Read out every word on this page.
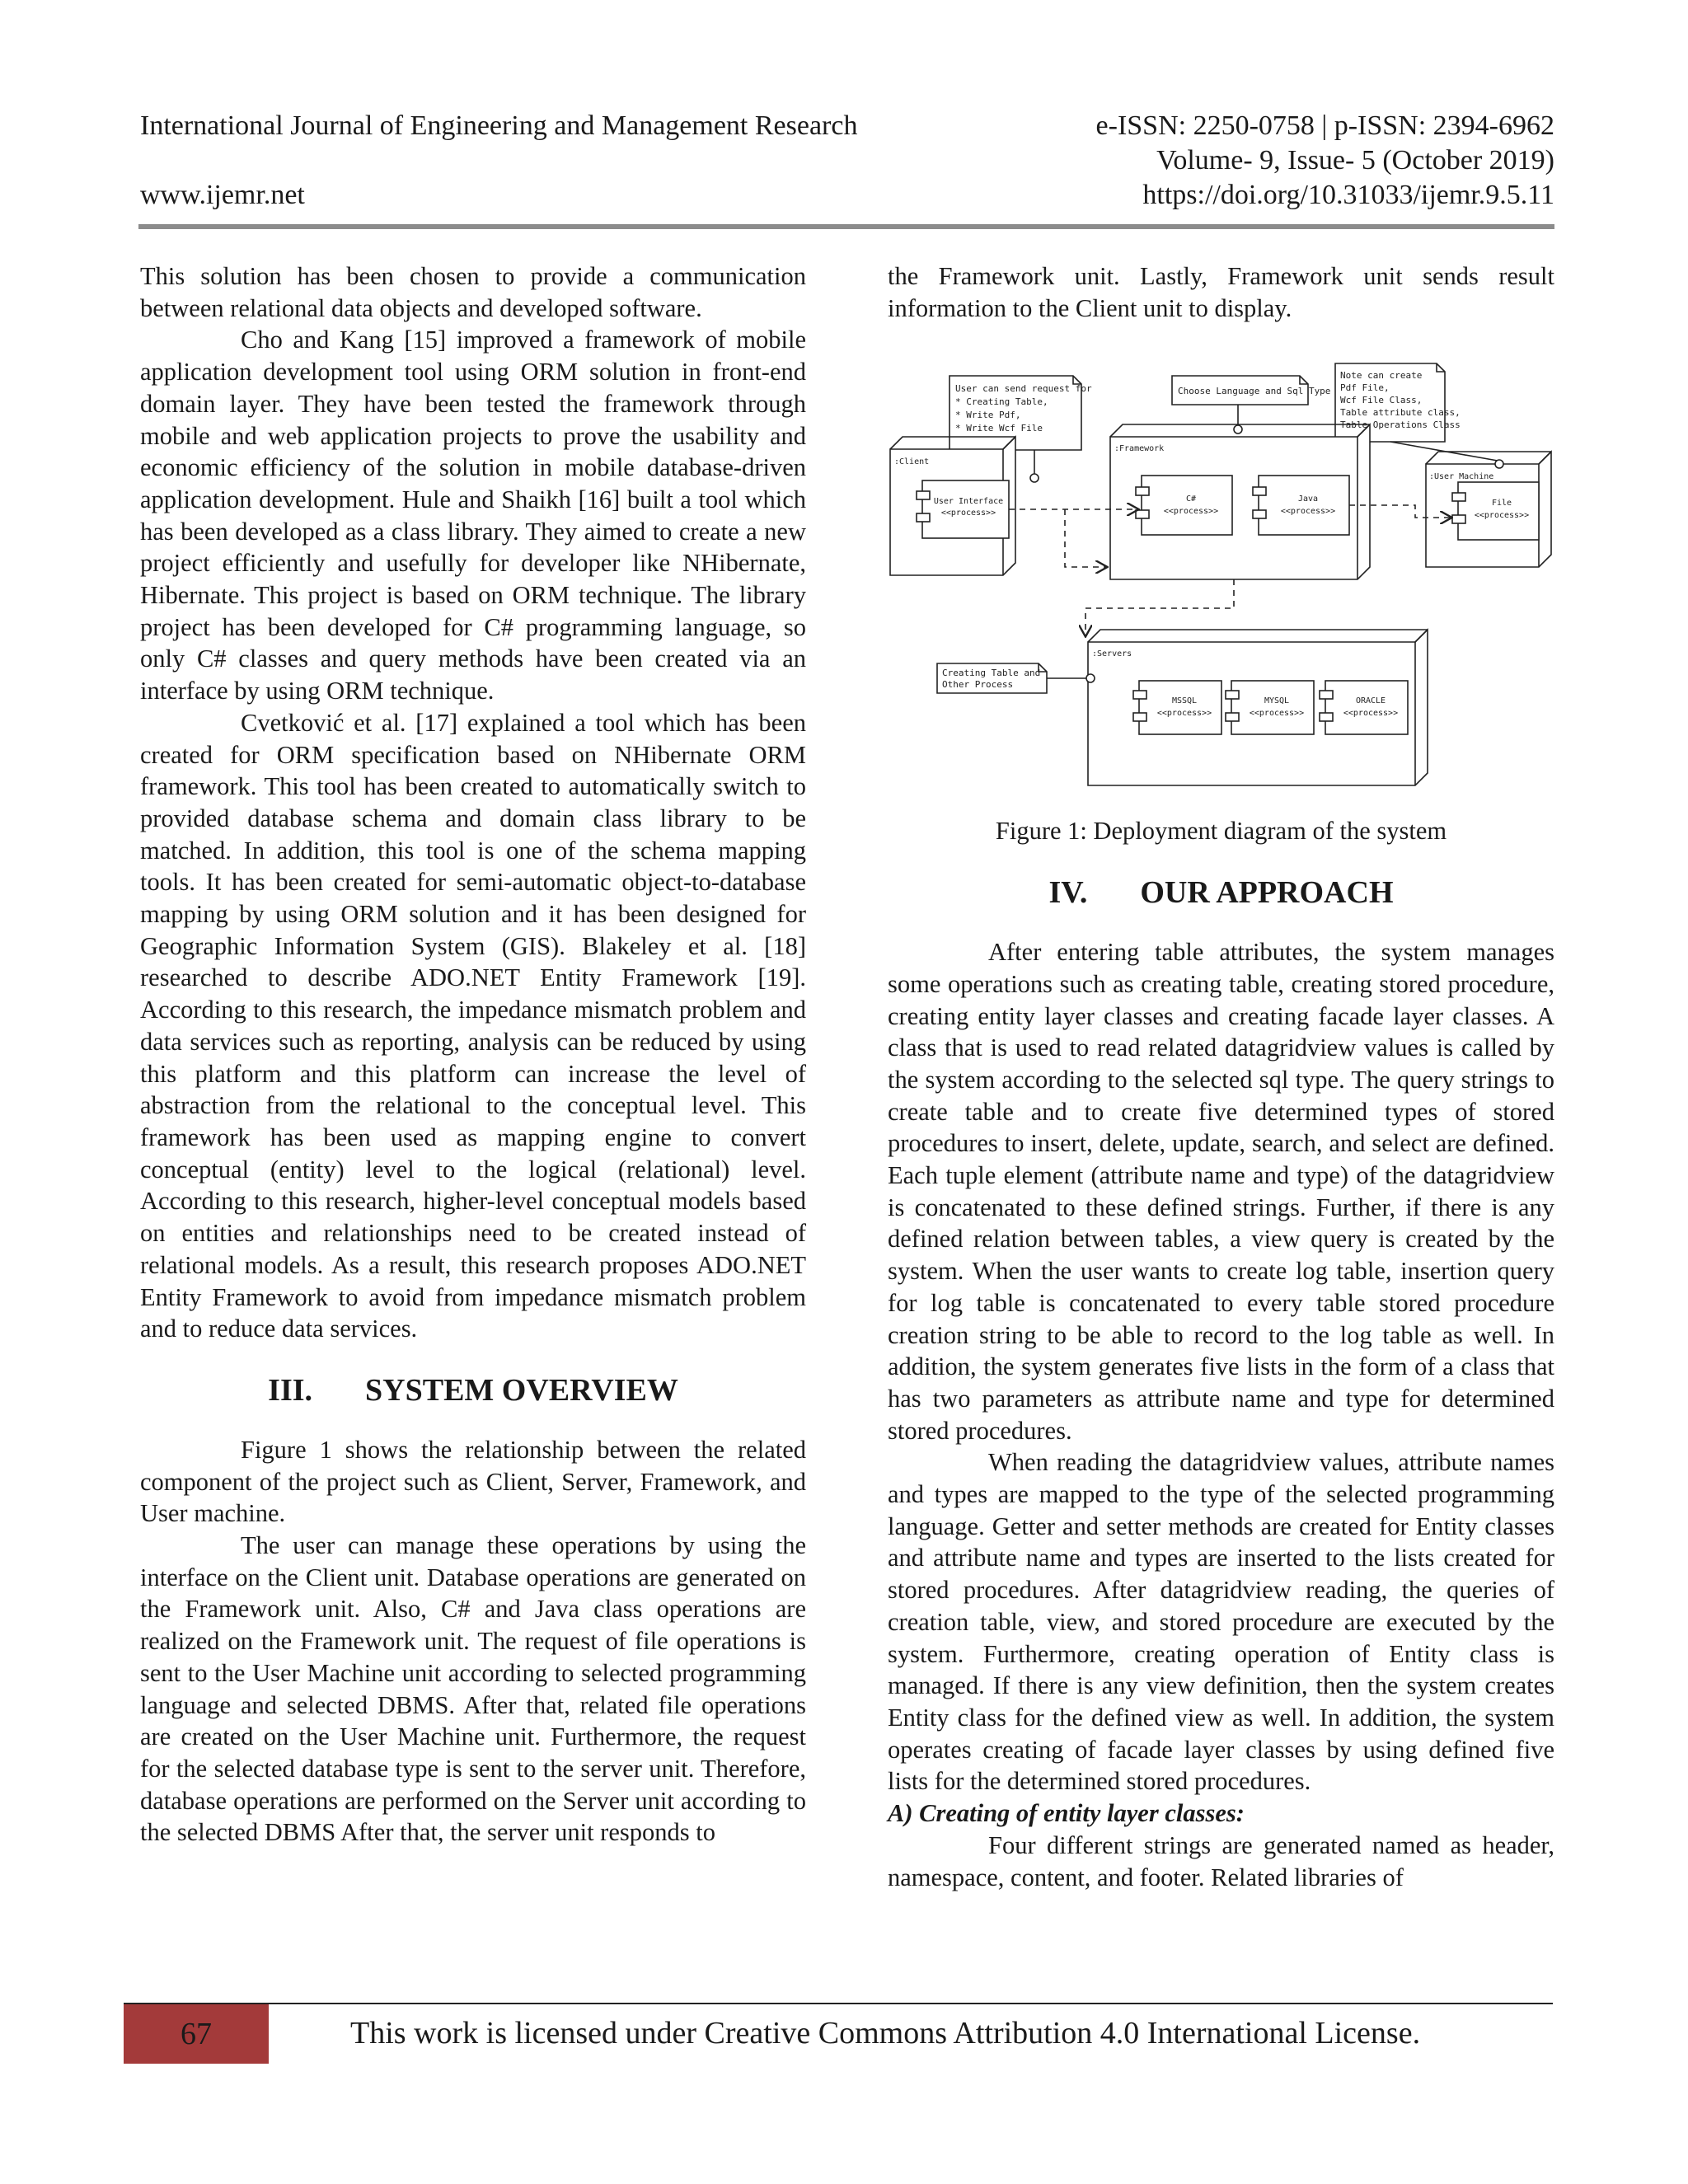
International Journal of Engineering and Management Research	e-ISSN: 2250-0758 | p-ISSN: 2394-6962
Volume- 9, Issue- 5 (October 2019)
www.ijemr.net	https://doi.org/10.31033/ijemr.9.5.11

This solution has been chosen to provide a communication between relational data objects and developed software.

Cho and Kang [15] improved a framework of mobile application development tool using ORM solution in front-end domain layer. They have been tested the framework through mobile and web application projects to prove the usability and economic efficiency of the solution in mobile database-driven application development. Hule and Shaikh [16] built a tool which has been developed as a class library. They aimed to create a new project efficiently and usefully for developer like NHibernate, Hibernate. This project is based on ORM technique. The library project has been developed for C# programming language, so only C# classes and query methods have been created via an interface by using ORM technique.

Cvetković et al. [17] explained a tool which has been created for ORM specification based on NHibernate ORM framework. This tool has been created to automatically switch to provided database schema and domain class library to be matched. In addition, this tool is one of the schema mapping tools. It has been created for semi-automatic object-to-database mapping by using ORM solution and it has been designed for Geographic Information System (GIS). Blakeley et al. [18] researched to describe ADO.NET Entity Framework [19]. According to this research, the impedance mismatch problem and data services such as reporting, analysis can be reduced by using this platform and this platform can increase the level of abstraction from the relational to the conceptual level. This framework has been used as mapping engine to convert conceptual (entity) level to the logical (relational) level. According to this research, higher-level conceptual models based on entities and relationships need to be created instead of relational models. As a result, this research proposes ADO.NET Entity Framework to avoid from impedance mismatch problem and to reduce data services.

III. SYSTEM OVERVIEW

Figure 1 shows the relationship between the related component of the project such as Client, Server, Framework, and User machine.

The user can manage these operations by using the interface on the Client unit. Database operations are generated on the Framework unit. Also, C# and Java class operations are realized on the Framework unit. The request of file operations is sent to the User Machine unit according to selected programming language and selected DBMS. After that, related file operations are created on the User Machine unit. Furthermore, the request for the selected database type is sent to the server unit. Therefore, database operations are performed on the Server unit according to the selected DBMS After that, the server unit responds to

the Framework unit. Lastly, Framework unit sends result information to the Client unit to display.

User can send request for
* Creating Table,
* Write Pdf,
* Write Wcf File
Choose Language and Sql Type
Note can create
Pdf File,
Wcf File Class,
Table attribute class,
Table Operations Class
Creating Table and
Other Process
:Client
:Framework
:User Machine
:Servers
User Interface
<<process>>
C#
<<process>>
Java
<<process>>
File
<<process>>
MSSQL
<<process>>
MYSQL
<<process>>
ORACLE
<<process>>

Figure 1: Deployment diagram of the system

IV. OUR APPROACH

After entering table attributes, the system manages some operations such as creating table, creating stored procedure, creating entity layer classes and creating facade layer classes. A class that is used to read related datagridview values is called by the system according to the selected sql type. The query strings to create table and to create five determined types of stored procedures to insert, delete, update, search, and select are defined. Each tuple element (attribute name and type) of the datagridview is concatenated to these defined strings. Further, if there is any defined relation between tables, a view query is created by the system. When the user wants to create log table, insertion query for log table is concatenated to every table stored procedure creation string to be able to record to the log table as well. In addition, the system generates five lists in the form of a class that has two parameters as attribute name and type for determined stored procedures.

When reading the datagridview values, attribute names and types are mapped to the type of the selected programming language. Getter and setter methods are created for Entity classes and attribute name and types are inserted to the lists created for stored procedures. After datagridview reading, the queries of creation table, view, and stored procedure are executed by the system. Furthermore, creating operation of Entity class is managed. If there is any view definition, then the system creates Entity class for the defined view as well. In addition, the system operates creating of facade layer classes by using defined five lists for the determined stored procedures.

A) Creating of entity layer classes:

Four different strings are generated named as header, namespace, content, and footer. Related libraries of

67	This work is licensed under Creative Commons Attribution 4.0 International License.
